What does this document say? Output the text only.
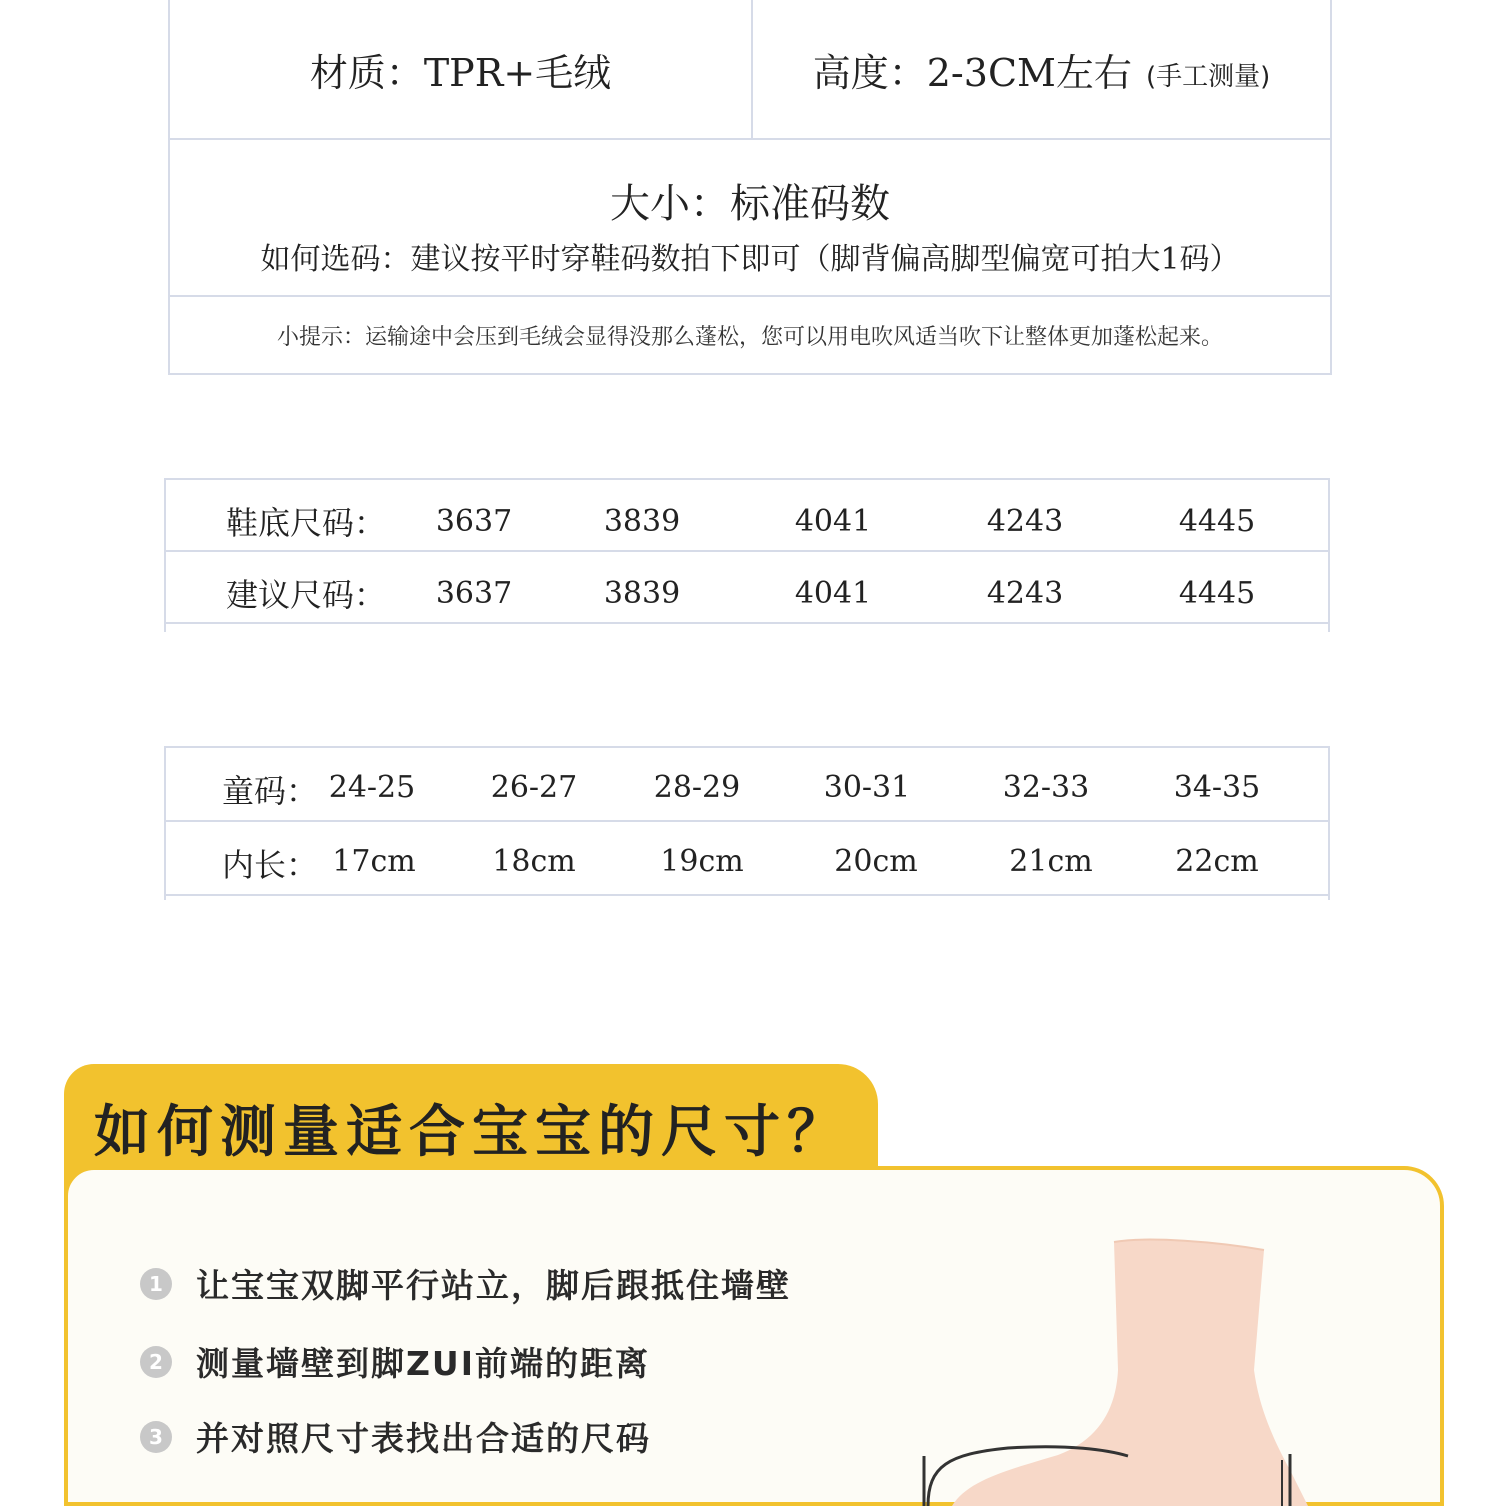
材质：TPR+毛绒	高度：2-3CM左右 (手工测量)
大小：标准码数
如何选码：建议按平时穿鞋码数拍下即可（脚背偏高脚型偏宽可拍大1码）
小提示：运输途中会压到毛绒会显得没那么蓬松，您可以用电吹风适当吹下让整体更加蓬松起来。
鞋底尺码：	3637	3839	4041	4243	4445
建议尺码：	3637	3839	4041	4243	4445
童码： 24-25	26-27	28-29	30-31	32-33	34-35
内长： 17cm	18cm	19cm	20cm	21cm	22cm
如何测量适合宝宝的尺寸？
1 让宝宝双脚平行站立，脚后跟抵住墙壁
2 测量墙壁到脚ZUI前端的距离
3 并对照尺寸表找出合适的尺码
